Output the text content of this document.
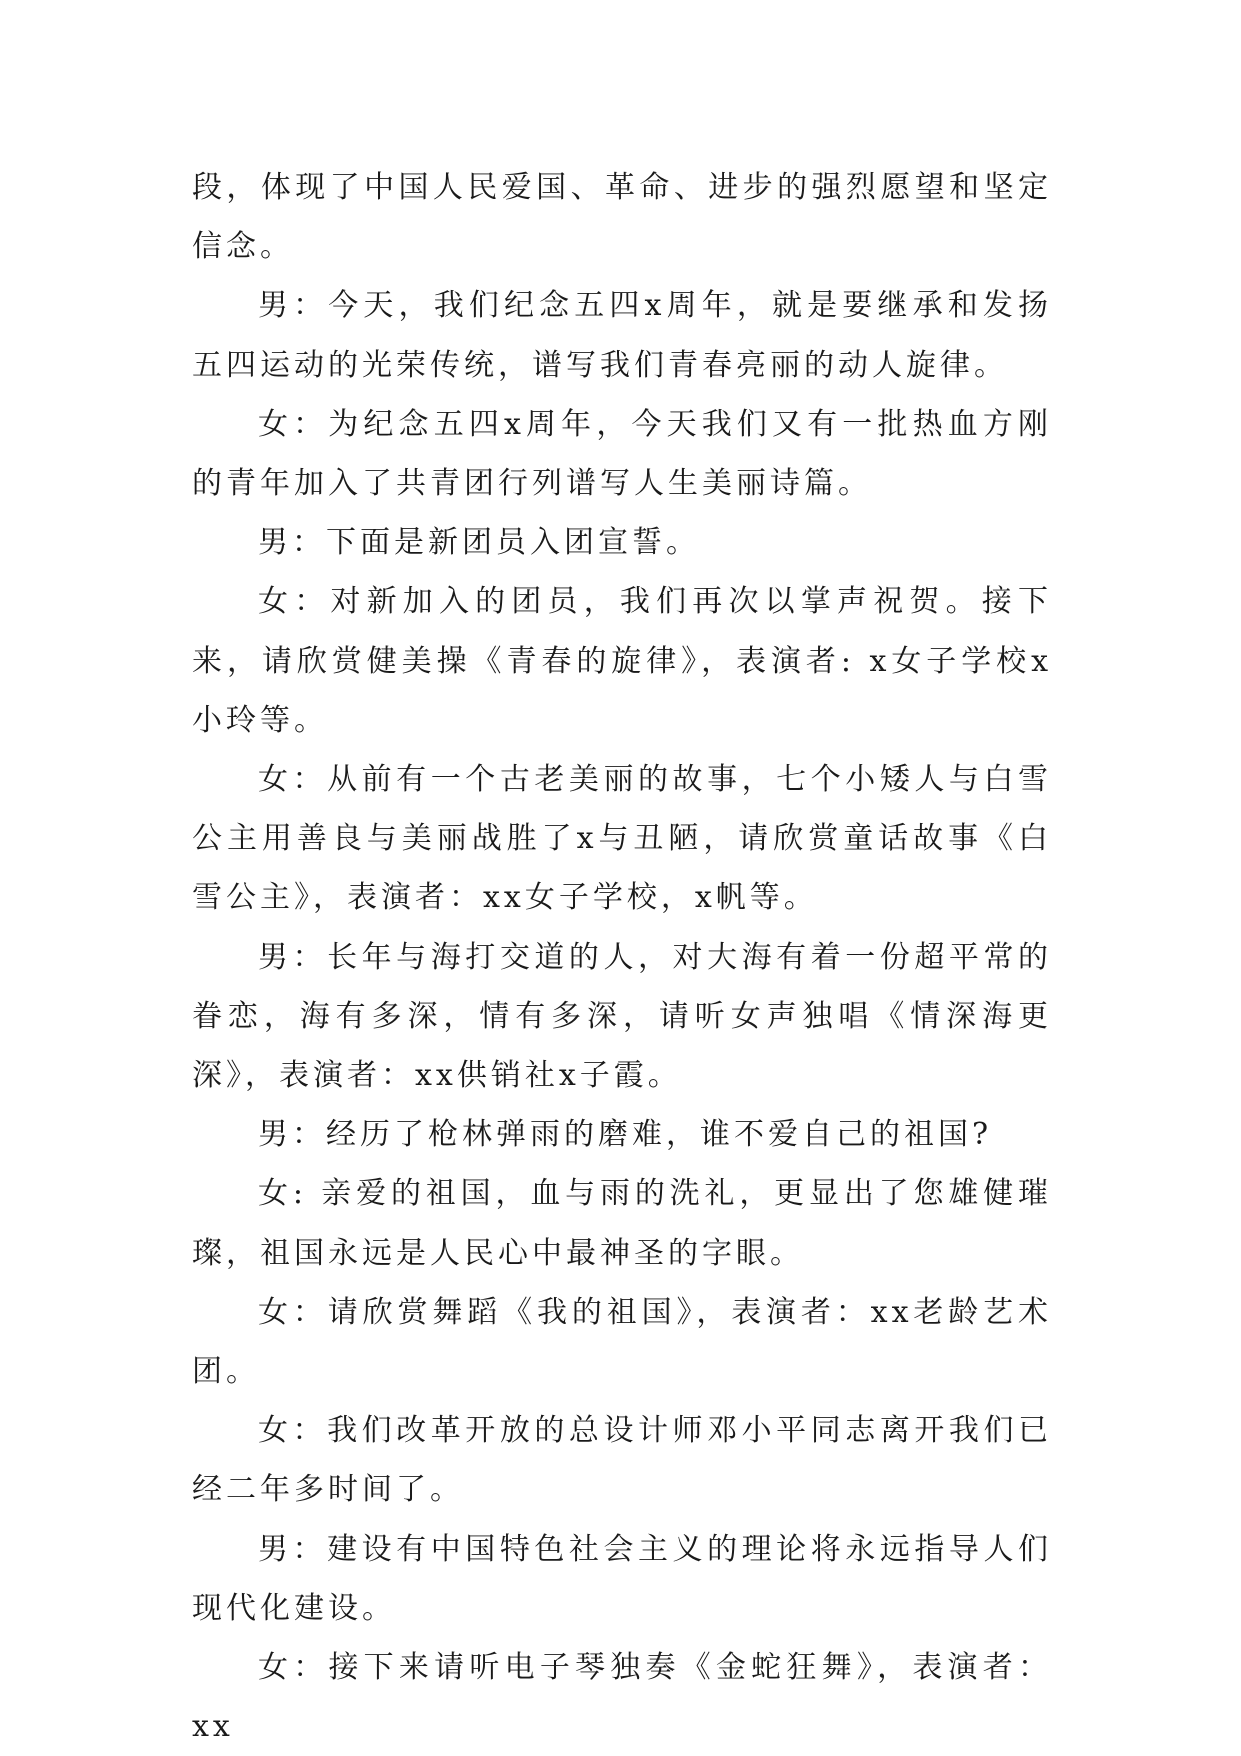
段，体现了中国人民爱国、革命、进步的强烈愿望和坚定信念。

男：今天，我们纪念五四x周年，就是要继承和发扬五四运动的光荣传统，谱写我们青春亮丽的动人旋律。

女：为纪念五四x周年，今天我们又有一批热血方刚的青年加入了共青团行列谱写人生美丽诗篇。

男：下面是新团员入团宣誓。

女：对新加入的团员，我们再次以掌声祝贺。接下来，请欣赏健美操《青春的旋律》，表演者: x女子学校x小玲等。

女：从前有一个古老美丽的故事，七个小矮人与白雪公主用善良与美丽战胜了x与丑陋，请欣赏童话故事《白雪公主》，表演者：xx女子学校，x帆等。

男：长年与海打交道的人，对大海有着一份超平常的眷恋，海有多深，情有多深，请听女声独唱《情深海更深》，表演者：xx供销社x子霞。

男：经历了枪林弹雨的磨难，谁不爱自己的祖国?

女: 亲爱的祖国，血与雨的洗礼，更显出了您雄健璀璨，祖国永远是人民心中最神圣的字眼。

女：请欣赏舞蹈《我的祖国》，表演者：xx老龄艺术团。

女：我们改革开放的总设计师邓小平同志离开我们已经二年多时间了。

男：建设有中国特色社会主义的理论将永远指导人们现代化建设。

女：接下来请听电子琴独奏《金蛇狂舞》，表演者：xx
